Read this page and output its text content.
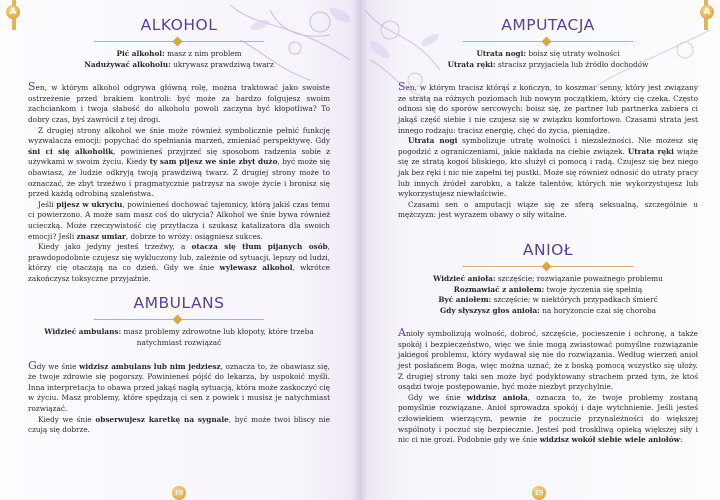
A
ALKOHOL
Pić alkohol: masz z nim problem
Nadużywać alkoholu: ukrywasz prawdziwą twarz

Sen, w którym alkohol odgrywa główną rolę, można traktować jako swoiste ostrzeżenie przed brakiem kontroli: być może za bardzo folgujesz swoim zachciankom i twoja słabość do alkoholu powoli zaczyna być kłopotliwa? To dobry czas, byś zawrócił z tej drogi.

Z drugiej strony alkohol we śnie może również symbolicznie pełnić funkcję wyzwalacza emocji: popychać do spełniania marzeń, zmieniać perspektywę. Gdy śni ci się alkoholik, powinieneś przyjrzeć się sposobom radzenia sobie z używkami w swoim życiu. Kiedy ty sam pijesz we śnie zbyt dużo, być może się obawiasz, że ludzie odkryją twoją prawdziwą twarz. Z drugiej strony może to oznaczać, że zbyt trzeźwo i pragmatycznie patrzysz na swoje życie i bronisz się przed każdą odrobiną szaleństwa.

Jeśli pijesz w ukryciu, powinieneś dochować tajemnicy, którą jakiś czas temu ci powierzono. A może sam masz coś do ukrycia? Alkohol we śnie bywa również ucieczką. Może rzeczywistość cię przytłacza i szukasz katalizatora dla swoich emocji? Jeśli znasz umiar, dobrze to wróży: osiągniesz sukces.

Kiedy jako jedyny jesteś trzeźwy, a otacza się tłum pijanych osób, prawdopodobnie czujesz się wykluczony lub, zależnie od sytuacji, lepszy od ludzi, którzy cię otaczają na co dzień. Gdy we śnie wylewasz alkohol, wkrótce zakończysz toksyczne przyjaźnie.

AMBULANS
Widzieć ambulans: masz problemy zdrowotne lub kłopoty, które trzeba natychmiast rozwiązać

Gdy we śnie widzisz ambulans lub nim jedziesz, oznacza to, że obawiasz się, że twoje zdrowie się pogorszy. Powinieneś pójść do lekarza, by uspokoić myśli. Inna interpretacja to obawa przed jakąś nagłą sytuacją, która może zaskoczyć cię w życiu. Masz problemy, które spędzają ci sen z powiek i musisz je natychmiast rozwiązać.

Kiedy we śnie obserwujesz karetkę na sygnale, być może twoi bliscy nie czują się dobrze.

18
A
AMPUTACJA
Utrata nogi: boisz się utraty wolności
Utrata ręki: stracisz przyjaciela lub źródło dochodów

Sen, w którym tracisz którąś z kończyn, to koszmar senny, który jest związany ze stratą na różnych poziomach lub nowym początkiem, który cię czeka. Często odnosi się do sporów sercowych: boisz się, że partner lub partnerka zabiera ci jakąś część siebie i nie czujesz się w związku komfortowo. Czasami strata jest innego rodzaju: tracisz energię, chęć do życia, pieniądze.

Utrata nogi symbolizuje utratę wolności i niezależności. Nie możesz się pogodzić z ograniczeniami, jakie nakłada na ciebie związek. Utrata ręki wiąże się ze stratą kogoś bliskiego, kto służył ci pomocą i radą. Czujesz się bez niego jak bez ręki i nic nie zapełni tej pustki. Może się również odnosić do utraty pracy lub innych źródeł zarobku, a także talentów, których nie wykorzystujesz lub wykorzystujesz niewłaściwie.

Czasami sen o amputacji wiąże się ze sferą seksualną, szczególnie u mężczyzn: jest wyrazem obawy o siły witalne.

ANIOŁ
Widzieć anioła: szczęście; rozwiązanie poważnego problemu
Rozmawiać z aniołem: twoje życzenia się spełnią
Być aniołem: szczęście; w niektórych przypadkach śmierć
Gdy słyszysz głos anioła: na horyzoncie czai się choroba

Anioły symbolizują wolność, dobroć, szczęście, pocieszenie i ochronę, a także spokój i bezpieczeństwo, więc we śnie mogą zwiastować pomyślne rozwiązanie jakiegoś problemu, który wydawał się nie do rozwiązania. Według wierzeń anioł jest posłańcem Boga, więc można uznać, że z boską pomocą wszystko się ułoży. Z drugiej strony taki sen może być podyktowany strachem przed tym, że ktoś osądzi twoje postępowanie, być może niezbyt przychylnie.

Gdy we śnie widzisz anioła, oznacza to, że twoje problemy zostaną pomyślnie rozwiązane. Anioł sprowadza spokój i daje wytchnienie. Jeśli jesteś człowiekiem wierzącym, pewnie że poczucie przynależności do większej wspólnoty i poczuć się bezpiecznie. Jesteś pod troskliwą opieką większej siły i nic ci nie grozi. Podobnie gdy we śnie widzisz wokół siebie wiele aniołów:

19
